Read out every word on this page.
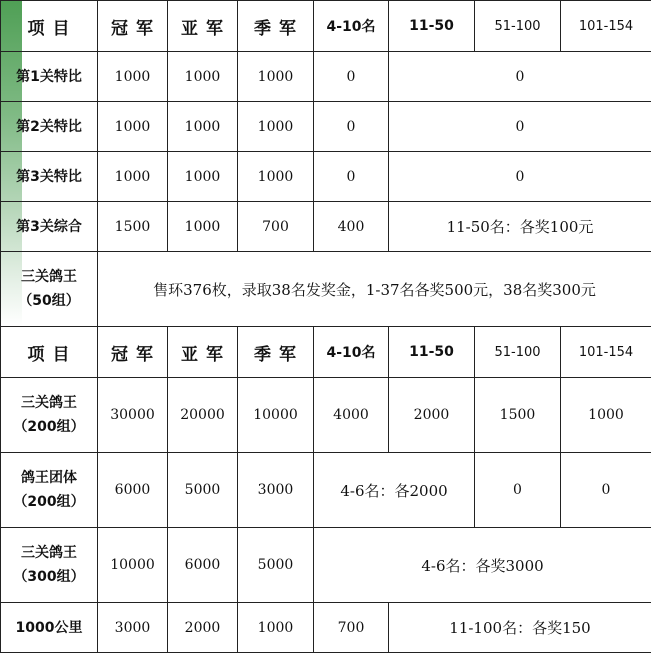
项 目	冠 军	亚 军	季 军	4-10名	11-50	51-100	101-154
第1关特比	1000	1000	1000	0	0		
第2关特比	1000	1000	1000	0	0		
第3关特比	1000	1000	1000	0	0		
第3关综合	1500	1000	700	400	11-50名：各奖100元		

三关鸽王
（50组）	售环376枚，录取38名发奖金，1-37名各奖500元，38名奖300元						
项 目	冠 军	亚 军	季 军	4-10名	11-50	51-100	101-154

三关鸽王
（200组）	30000	20000	10000	4000	2000	1500	1000

鸽王团体
（200组）	6000	5000	3000	4-6名：各2000		0	0

三关鸽王
（300组）	10000	6000	5000	4-6名：各奖3000			
1000公里	3000	2000	1000	700	11-100名：各奖150		
